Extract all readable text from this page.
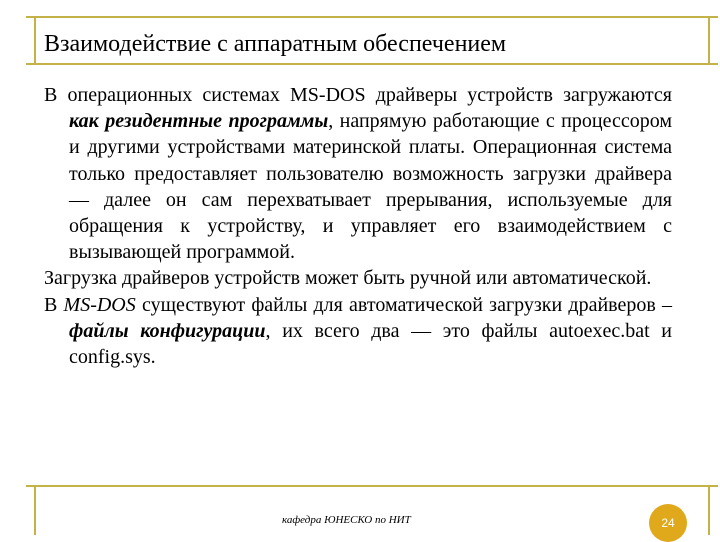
Взаимодействие с аппаратным обеспечением

В операционных системах MS-DOS драйверы устройств загружаются как резидентные программы, напрямую работающие с процессором и другими устройствами материнской платы. Операционная система только предоставляет пользователю возможность загрузки драйвера — далее он сам перехватывает прерывания, используемые для обращения к устройству, и управляет его взаимодействием с вызывающей программой.

Загрузка драйверов устройств может быть ручной или автоматической.

В MS-DOS существуют файлы для автоматической загрузки драйверов – файлы конфигурации, их всего два — это файлы autoexec.bat и config.sys.

кафедра ЮНЕСКО по НИТ	24
